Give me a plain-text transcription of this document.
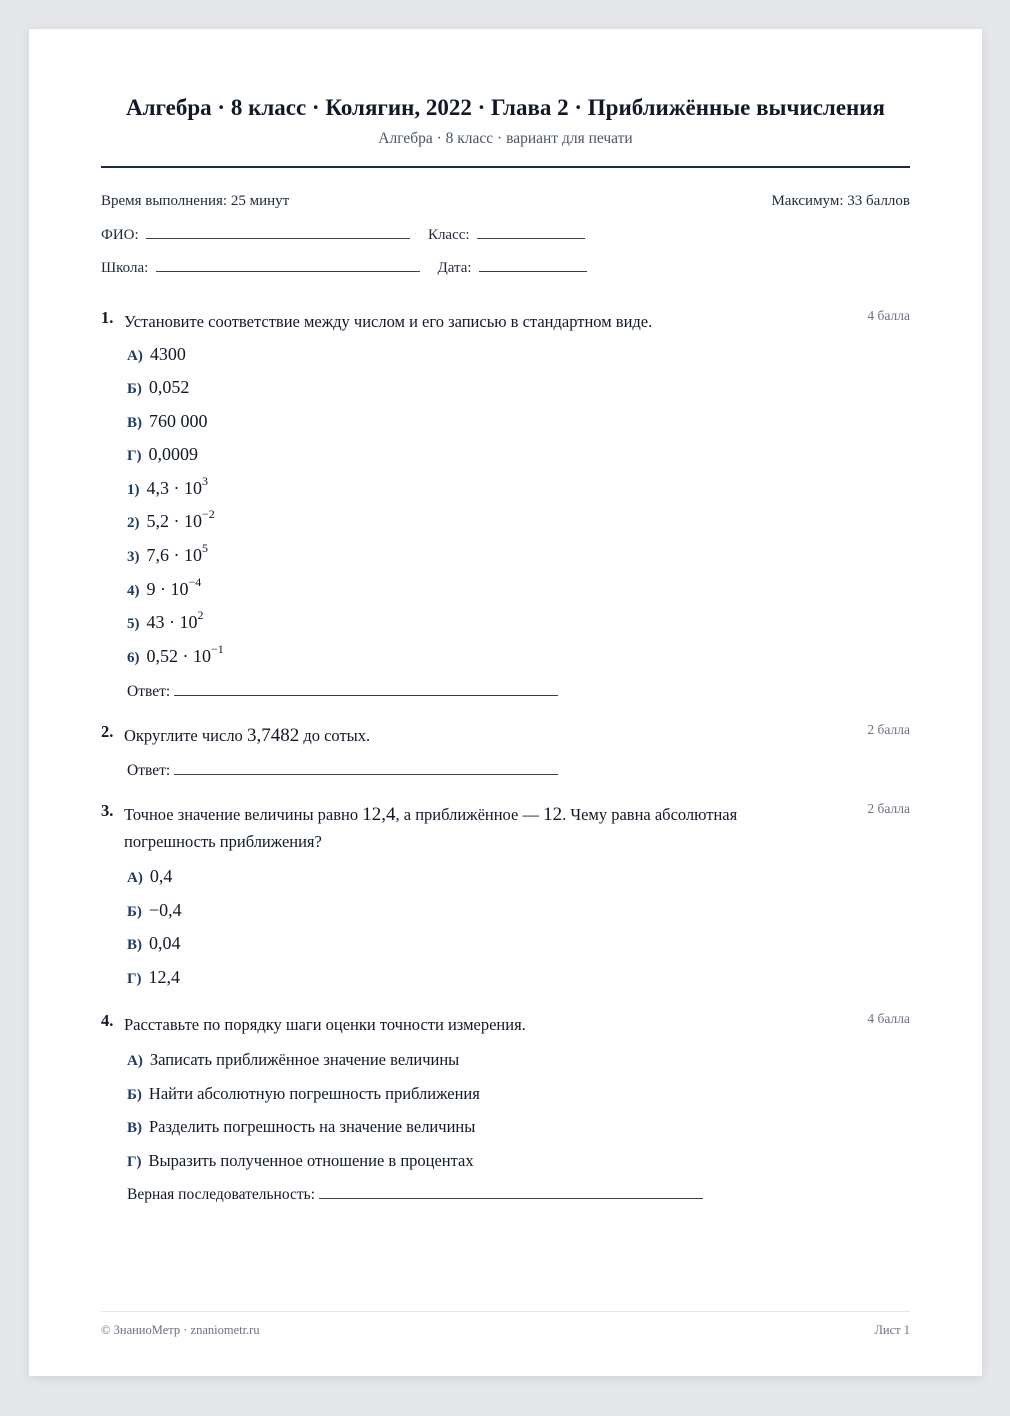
Алгебра · 8 класс · Колягин, 2022 · Глава 2 · Приближённые вычисления
Алгебра · 8 класс · вариант для печати
Время выполнения: 25 минут	Максимум: 33 баллов
ФИО:	Класс:
Школа:	Дата:
1. Установите соответствие между числом и его записью в стандартном виде.	4 балла
А) 4300
Б) 0,052
В) 760 000
Г) 0,0009
1) $4,3 \cdot 10^3$
2) $5,2 \cdot 10^{-2}$
3) $7,6 \cdot 10^5$
4) $9 \cdot 10^{-4}$
5) $43 \cdot 10^2$
6) $0,52 \cdot 10^{-1}$
Ответ:
2. Округлите число 3,7482 до сотых.	2 балла
Ответ:
3. Точное значение величины равно 12,4, а приближённое — 12. Чему равна абсолютная погрешность приближения?
2 балла
А) 0,4
Б) −0,4
В) 0,04
Г) 12,4
4. Расставьте по порядку шаги оценки точности измерения.	4 балла
А) Записать приближённое значение величины
Б) Найти абсолютную погрешность приближения
В) Разделить погрешность на значение величины
Г) Выразить полученное отношение в процентах
Верная последовательность:
© ЗнаниоМетр · znaniometr.ru	Лист 1
